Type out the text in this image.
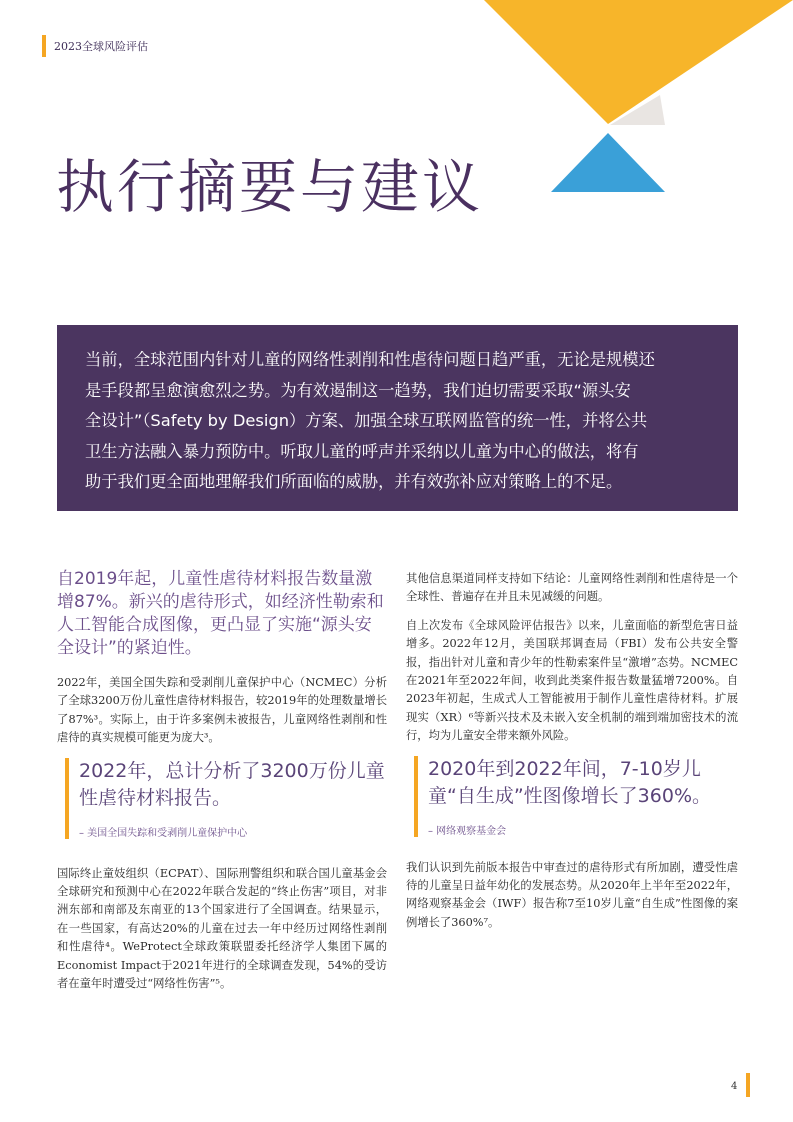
2023全球风险评估
执行摘要与建议

当前，全球范围内针对儿童的网络性剥削和性虐待问题日趋严重，无论是规模还

是手段都呈愈演愈烈之势。为有效遏制这一趋势，我们迫切需要采取“源头安

全设计”（Safety by Design）方案、加强全球互联网监管的统一性，并将公共

卫生方法融入暴力预防中。听取儿童的呼声并采纳以儿童为中心的做法，将有

助于我们更全面地理解我们所面临的威胁，并有效弥补应对策略上的不足。

自2019年起，儿童性虐待材料报告数量激增87%。新兴的虐待形式，如经济性勒索和人工智能合成图像，更凸显了实施“源头安全设计”的紧迫性。

2022年，美国全国失踪和受剥削儿童保护中心（NCMEC）分析了全球3200万份儿童性虐待材料报告，较2019年的处理数量增长了87%³。实际上，由于许多案例未被报告，儿童网络性剥削和性虐待的真实规模可能更为庞大³。

2022年，总计分析了3200万份儿童性虐待材料报告。

– 美国全国失踪和受剥削儿童保护中心

国际终止童妓组织（ECPAT）、国际刑警组织和联合国儿童基金会全球研究和预测中心在2022年联合发起的“终止伤害”项目，对非洲东部和南部及东南亚的13个国家进行了全国调查。结果显示，在一些国家，有高达20%的儿童在过去一年中经历过网络性剥削和性虐待⁴。WeProtect全球政策联盟委托经济学人集团下属的Economist Impact于2021年进行的全球调查发现，54%的受访者在童年时遭受过“网络性伤害”⁵。

其他信息渠道同样支持如下结论：儿童网络性剥削和性虐待是一个全球性、普遍存在并且未见减缓的问题。

自上次发布《全球风险评估报告》以来，儿童面临的新型危害日益增多。2022年12月，美国联邦调查局（FBI）发布公共安全警报，指出针对儿童和青少年的性勒索案件呈“激增”态势。NCMEC在2021年至2022年间，收到此类案件报告数量猛增7200%。自2023年初起，生成式人工智能被用于制作儿童性虐待材料。扩展现实（XR）⁶等新兴技术及未嵌入安全机制的端到端加密技术的流行，均为儿童安全带来额外风险。

2020年到2022年间，7-10岁儿童“自生成”性图像增长了360%。

– 网络观察基金会

我们认识到先前版本报告中审查过的虐待形式有所加剧，遭受性虐待的儿童呈日益年幼化的发展态势。从2020年上半年至2022年，网络观察基金会（IWF）报告称7至10岁儿童“自生成”性图像的案例增长了360%⁷。

4
